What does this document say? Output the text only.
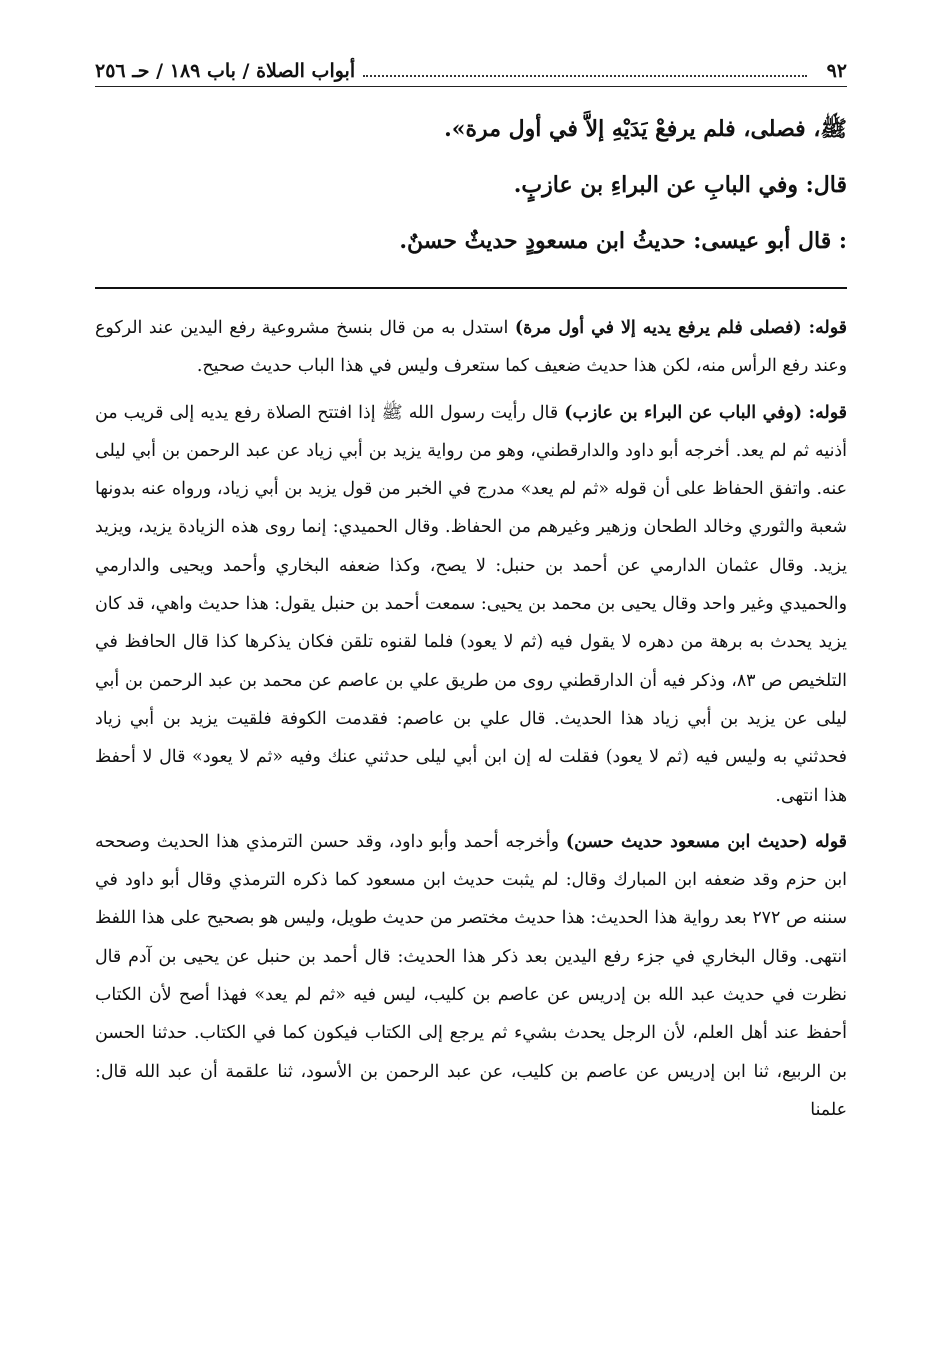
٩٢
أبواب الصلاة / باب ١٨٩ / حـ ٢٥٦

ﷺ، فصلى، فلم يرفعْ يَدَيْهِ إلاَّ في أول مرة».

قال: وفي البابِ عن البراءِ بن عازبٍ.

: قال أبو عيسى: حديثُ ابن مسعودٍ حديثٌ حسنٌ.

قوله: (فصلى فلم يرفع يديه إلا في أول مرة) استدل به من قال بنسخ مشروعية رفع اليدين عند الركوع وعند رفع الرأس منه، لكن هذا حديث ضعيف كما ستعرف وليس في هذا الباب حديث صحيح.

قوله: (وفي الباب عن البراء بن عازب) قال رأيت رسول الله ﷺ إذا افتتح الصلاة رفع يديه إلى قريب من أذنيه ثم لم يعد. أخرجه أبو داود والدارقطني، وهو من رواية يزيد بن أبي زياد عن عبد الرحمن بن أبي ليلى عنه. واتفق الحفاظ على أن قوله «ثم لم يعد» مدرج في الخبر من قول يزيد بن أبي زياد، ورواه عنه بدونها شعبة والثوري وخالد الطحان وزهير وغيرهم من الحفاظ. وقال الحميدي: إنما روى هذه الزيادة يزيد، ويزيد يزيد. وقال عثمان الدارمي عن أحمد بن حنبل: لا يصح، وكذا ضعفه البخاري وأحمد ويحيى والدارمي والحميدي وغير واحد وقال يحيى بن محمد بن يحيى: سمعت أحمد بن حنبل يقول: هذا حديث واهي، قد كان يزيد يحدث به برهة من دهره لا يقول فيه (ثم لا يعود) فلما لقنوه تلقن فكان يذكرها كذا قال الحافظ في التلخيص ص ٨٣، وذكر فيه أن الدارقطني روى من طريق علي بن عاصم عن محمد بن عبد الرحمن بن أبي ليلى عن يزيد بن أبي زياد هذا الحديث. قال علي بن عاصم: فقدمت الكوفة فلقيت يزيد بن أبي زياد فحدثني به وليس فيه (ثم لا يعود) فقلت له إن ابن أبي ليلى حدثني عنك وفيه «ثم لا يعود» قال لا أحفظ هذا انتهى.

قوله (حديث ابن مسعود حديث حسن) وأخرجه أحمد وأبو داود، وقد حسن الترمذي هذا الحديث وصححه ابن حزم وقد ضعفه ابن المبارك وقال: لم يثبت حديث ابن مسعود كما ذكره الترمذي وقال أبو داود في سننه ص ٢٧٢ بعد رواية هذا الحديث: هذا حديث مختصر من حديث طويل، وليس هو بصحيح على هذا اللفظ انتهى. وقال البخاري في جزء رفع اليدين بعد ذكر هذا الحديث: قال أحمد بن حنبل عن يحيى بن آدم قال نظرت في حديث عبد الله بن إدريس عن عاصم بن كليب، ليس فيه «ثم لم يعد» فهذا أصح لأن الكتاب أحفظ عند أهل العلم، لأن الرجل يحدث بشيء ثم يرجع إلى الكتاب فيكون كما في الكتاب. حدثنا الحسن بن الربيع، ثنا ابن إدريس عن عاصم بن كليب، عن عبد الرحمن بن الأسود، ثنا علقمة أن عبد الله قال: علمنا
